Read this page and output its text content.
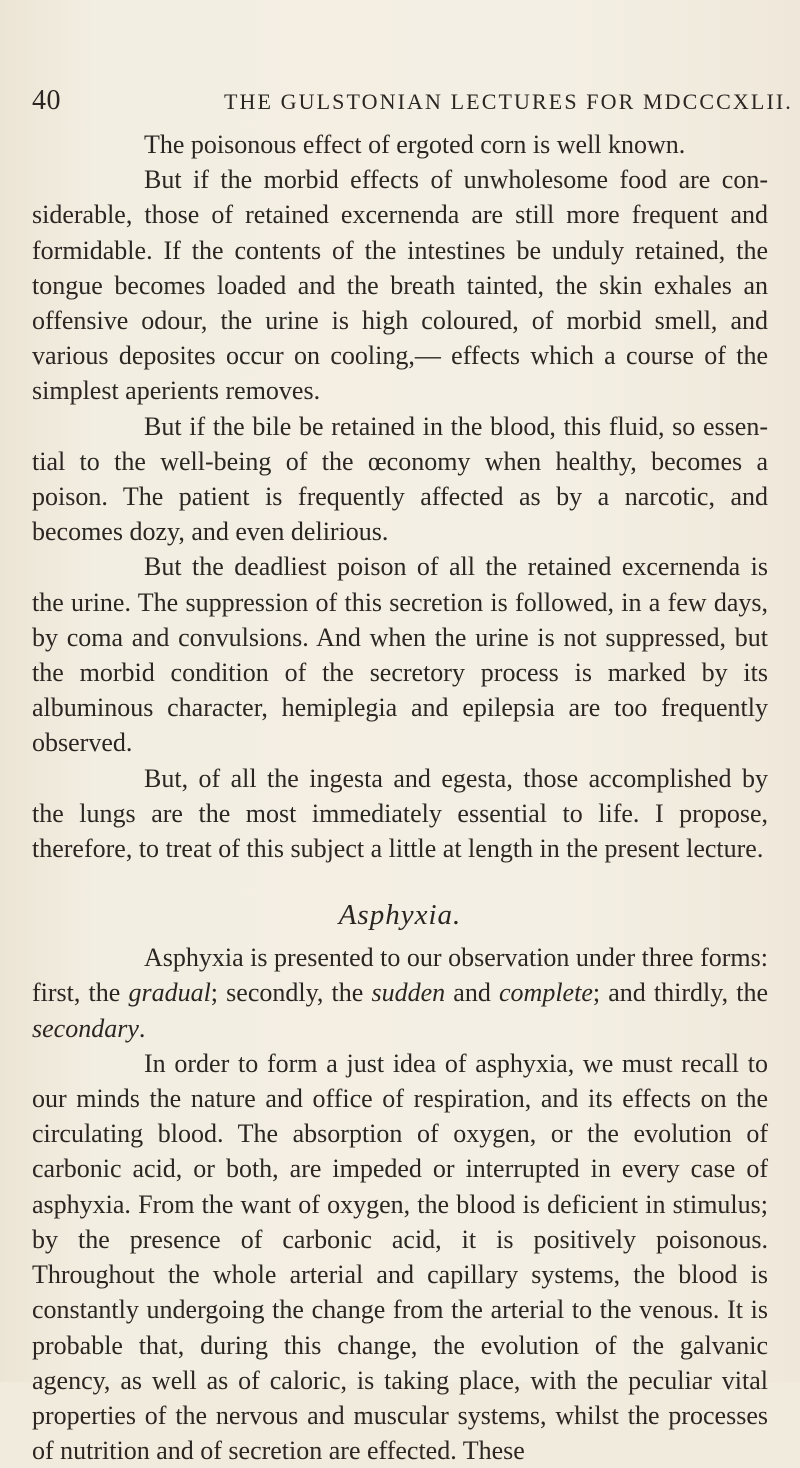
40	THE GULSTONIAN LECTURES FOR MDCCCXLII.

The poisonous effect of ergoted corn is well known.

But if the morbid effects of unwholesome food are considerable, those of retained excernenda are still more frequent and formidable. If the contents of the intestines be unduly retained, the tongue becomes loaded and the breath tainted, the skin exhales an offensive odour, the urine is high coloured, of morbid smell, and various deposites occur on cooling,— effects which a course of the simplest aperients removes.

But if the bile be retained in the blood, this fluid, so essential to the well-being of the œconomy when healthy, becomes a poison. The patient is frequently affected as by a narcotic, and becomes dozy, and even delirious.

But the deadliest poison of all the retained excernenda is the urine. The suppression of this secretion is followed, in a few days, by coma and convulsions. And when the urine is not suppressed, but the morbid condition of the secretory process is marked by its albuminous character, hemiplegia and epilepsia are too frequently observed.

But, of all the ingesta and egesta, those accomplished by the lungs are the most immediately essential to life. I propose, therefore, to treat of this subject a little at length in the present lecture.

Asphyxia.

Asphyxia is presented to our observation under three forms: first, the gradual; secondly, the sudden and complete; and thirdly, the secondary.

In order to form a just idea of asphyxia, we must recall to our minds the nature and office of respiration, and its effects on the circulating blood. The absorption of oxygen, or the evolution of carbonic acid, or both, are impeded or interrupted in every case of asphyxia. From the want of oxygen, the blood is deficient in stimulus; by the presence of carbonic acid, it is positively poisonous. Throughout the whole arterial and capillary systems, the blood is constantly undergoing the change from the arterial to the venous. It is probable that, during this change, the evolution of the galvanic agency, as well as of caloric, is taking place, with the peculiar vital properties of the nervous and muscular systems, whilst the processes of nutrition and of secretion are effected. These
